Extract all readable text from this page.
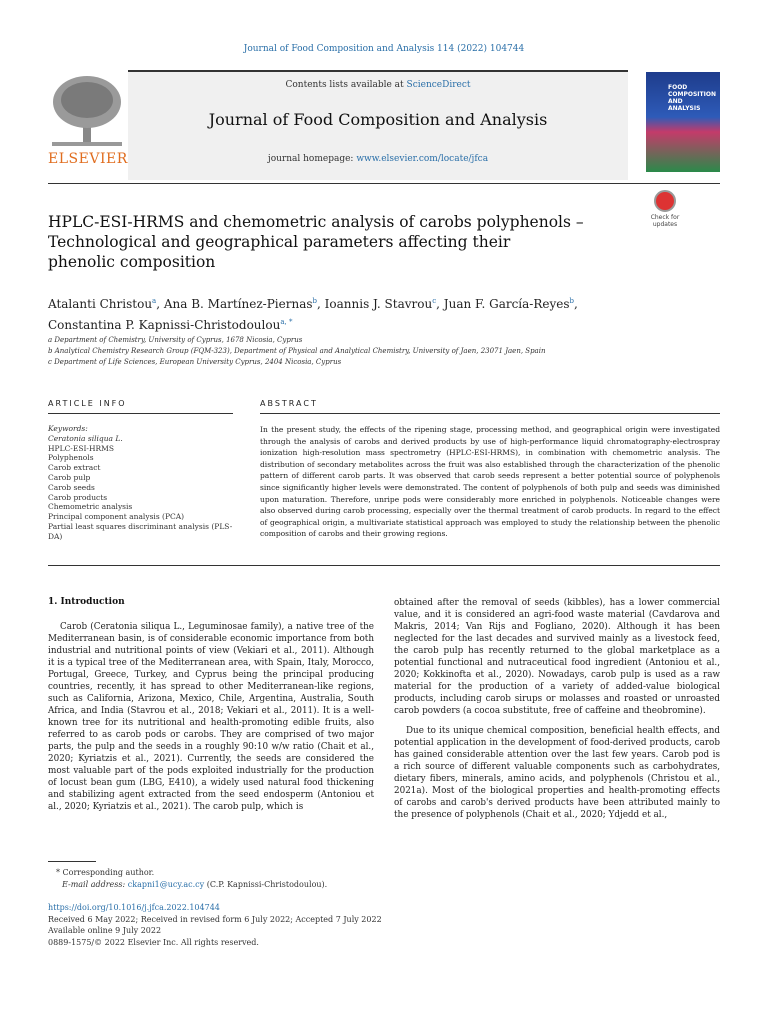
Journal of Food Composition and Analysis 114 (2022) 104744
ELSEVIER
Contents lists available at ScienceDirect
Journal of Food Composition and Analysis
journal homepage: www.elsevier.com/locate/jfca
FOOD COMPOSITION AND ANALYSIS
HPLC-ESI-HRMS and chemometric analysis of carobs polyphenols –
Technological and geographical parameters affecting their
phenolic composition
Check for updates
Atalanti Christou$^a$, Ana B. Martínez-Piernas$^b$, Ioannis J. Stavrou$^c$, Juan F. García-Reyes$^b$,
Constantina P. Kapnissi-Christodoulou$^{a, *}$
a Department of Chemistry, University of Cyprus, 1678 Nicosia, Cyprus
b Analytical Chemistry Research Group (FQM-323), Department of Physical and Analytical Chemistry, University of Jaen, 23071 Jaen, Spain
c Department of Life Sciences, European University Cyprus, 2404 Nicosia, Cyprus
ARTICLE INFO	ABSTRACT
Keywords:
Ceratonia siliqua L.
HPLC-ESI-HRMS
Polyphenols
Carob extract
Carob pulp
Carob seeds
Carob products
Chemometric analysis
Principal component analysis (PCA)
Partial least squares discriminant analysis (PLS-DA)
In the present study, the effects of the ripening stage, processing method, and geographical origin were investigated through the analysis of carobs and derived products by use of high-performance liquid chromatography-electrospray ionization high-resolution mass spectrometry (HPLC-ESI-HRMS), in combination with chemometric analysis. The distribution of secondary metabolites across the fruit was also established through the characterization of the phenolic pattern of different carob parts. It was observed that carob seeds represent a better potential source of polyphenols since significantly higher levels were demonstrated. The content of polyphenols of both pulp and seeds was diminished upon maturation. Therefore, unripe pods were considerably more enriched in polyphenols. Noticeable changes were also observed during carob processing, especially over the thermal treatment of carob products. In regard to the effect of geographical origin, a multivariate statistical approach was employed to study the relationship between the phenolic composition of carobs and their growing regions.
1. Introduction

Carob (Ceratonia siliqua L., Leguminosae family), a native tree of the Mediterranean basin, is of considerable economic importance from both industrial and nutritional points of view (Vekiari et al., 2011). Although it is a typical tree of the Mediterranean area, with Spain, Italy, Morocco, Portugal, Greece, Turkey, and Cyprus being the principal producing countries, recently, it has spread to other Mediterranean-like regions, such as California, Arizona, Mexico, Chile, Argentina, Australia, South Africa, and India (Stavrou et al., 2018; Vekiari et al., 2011). It is a well-known tree for its nutritional and health-promoting edible fruits, also referred to as carob pods or carobs. They are comprised of two major parts, the pulp and the seeds in a roughly 90:10 w/w ratio (Chait et al., 2020; Kyriatzis et al., 2021). Currently, the seeds are considered the most valuable part of the pods exploited industrially for the production of locust bean gum (LBG, E410), a widely used natural food thickening and stabilizing agent extracted from the seed endosperm (Antoniou et al., 2020; Kyriatzis et al., 2021). The carob pulp, which is

obtained after the removal of seeds (kibbles), has a lower commercial value, and it is considered an agri-food waste material (Cavdarova and Makris, 2014; Van Rijs and Fogliano, 2020). Although it has been neglected for the last decades and survived mainly as a livestock feed, the carob pulp has recently returned to the global marketplace as a potential functional and nutraceutical food ingredient (Antoniou et al., 2020; Kokkinofta et al., 2020). Nowadays, carob pulp is used as a raw material for the production of a variety of added-value biological products, including carob sirups or molasses and roasted or unroasted carob powders (a cocoa substitute, free of caffeine and theobromine).

Due to its unique chemical composition, beneficial health effects, and potential application in the development of food-derived products, carob has gained considerable attention over the last few years. Carob pod is a rich source of different valuable components such as carbohydrates, dietary fibers, minerals, amino acids, and polyphenols (Christou et al., 2021a). Most of the biological properties and health-promoting effects of carobs and carob's derived products have been attributed mainly to the presence of polyphenols (Chait et al., 2020; Ydjedd et al.,

* Corresponding author.
E-mail address: ckapni1@ucy.ac.cy (C.P. Kapnissi-Christodoulou).
https://doi.org/10.1016/j.jfca.2022.104744
Received 6 May 2022; Received in revised form 6 July 2022; Accepted 7 July 2022
Available online 9 July 2022
0889-1575/© 2022 Elsevier Inc. All rights reserved.
